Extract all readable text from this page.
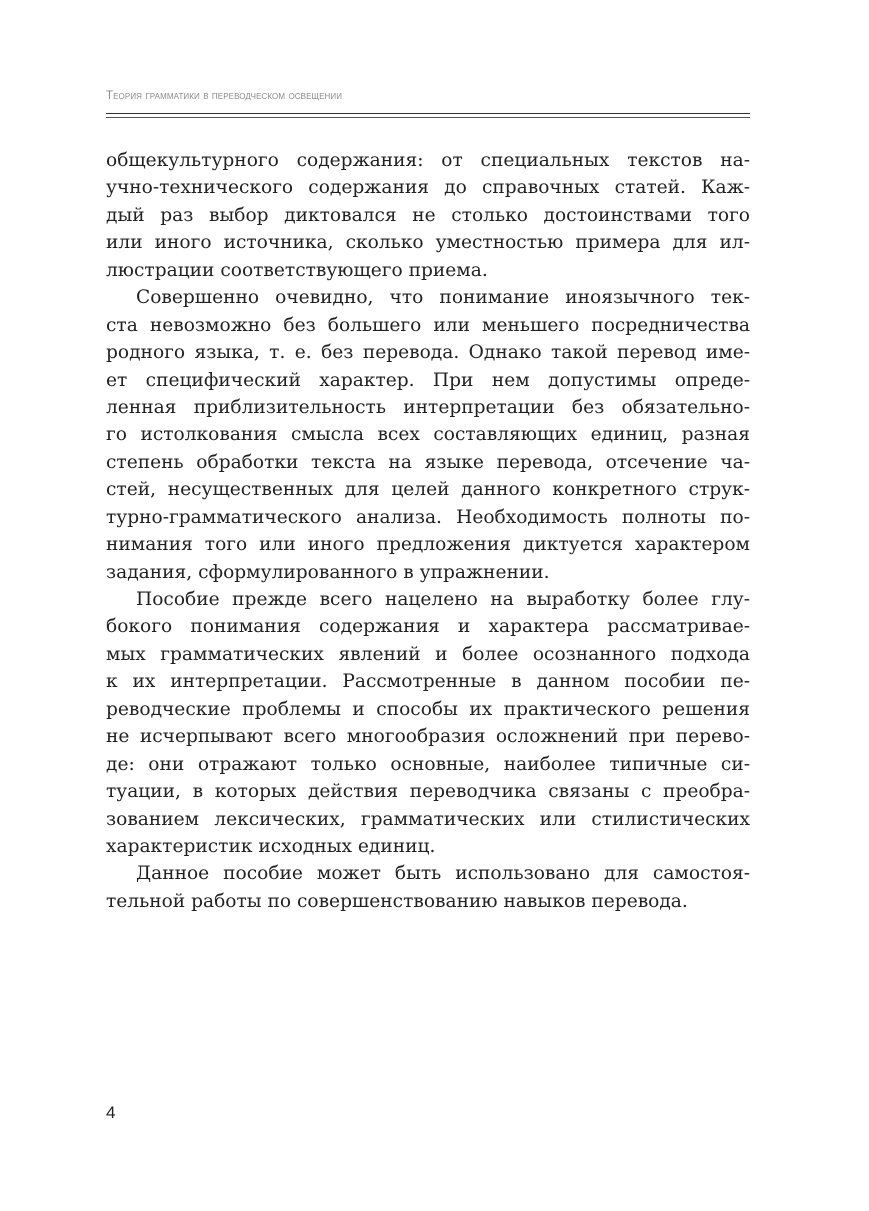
Теория грамматики в переводческом освещении
общекультурного содержания: от специальных текстов на-
учно-технического содержания до справочных статей. Каж-
дый раз выбор диктовался не столько достоинствами того
или иного источника, сколько уместностью примера для ил-
люстрации соответствующего приема.
Совершенно очевидно, что понимание иноязычного тек-
ста невозможно без большего или меньшего посредничества
родного языка, т. е. без перевода. Однако такой перевод име-
ет специфический характер. При нем допустимы опреде-
ленная приблизительность интерпретации без обязательно-
го истолкования смысла всех составляющих единиц, разная
степень обработки текста на языке перевода, отсечение ча-
стей, несущественных для целей данного конкретного струк-
турно-грамматического анализа. Необходимость полноты по-
нимания того или иного предложения диктуется характером
задания, сформулированного в упражнении.
Пособие прежде всего нацелено на выработку более глу-
бокого понимания содержания и характера рассматривае-
мых грамматических явлений и более осознанного подхода
к их интерпретации. Рассмотренные в данном пособии пе-
реводческие проблемы и способы их практического решения
не исчерпывают всего многообразия осложнений при перево-
де: они отражают только основные, наиболее типичные си-
туации, в которых действия переводчика связаны с преобра-
зованием лексических, грамматических или стилистических
характеристик исходных единиц.
Данное пособие может быть использовано для самостоя-
тельной работы по совершенствованию навыков перевода.
4
